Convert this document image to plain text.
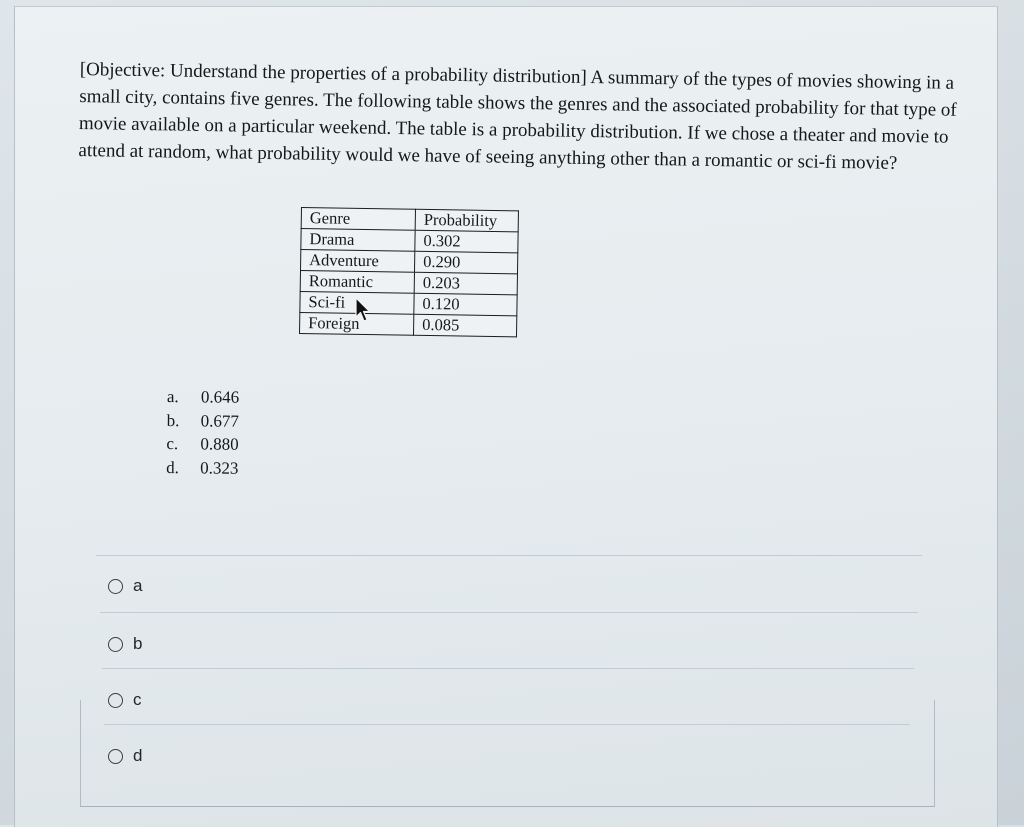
[Objective: Understand the properties of a probability distribution] A summary of the types of movies showing in a small city, contains five genres. The following table shows the genres and the associated probability for that type of movie available on a particular weekend. The table is a probability distribution. If we chose a theater and movie to attend at random, what probability would we have of seeing anything other than a romantic or sci-fi movie?

Genre	Probability
Drama	0.302
Adventure	0.290
Romantic	0.203
Sci-fi	0.120
Foreign	0.085
a.	0.646
b.	0.677
c.	0.880
d.	0.323
a
b
c
d
